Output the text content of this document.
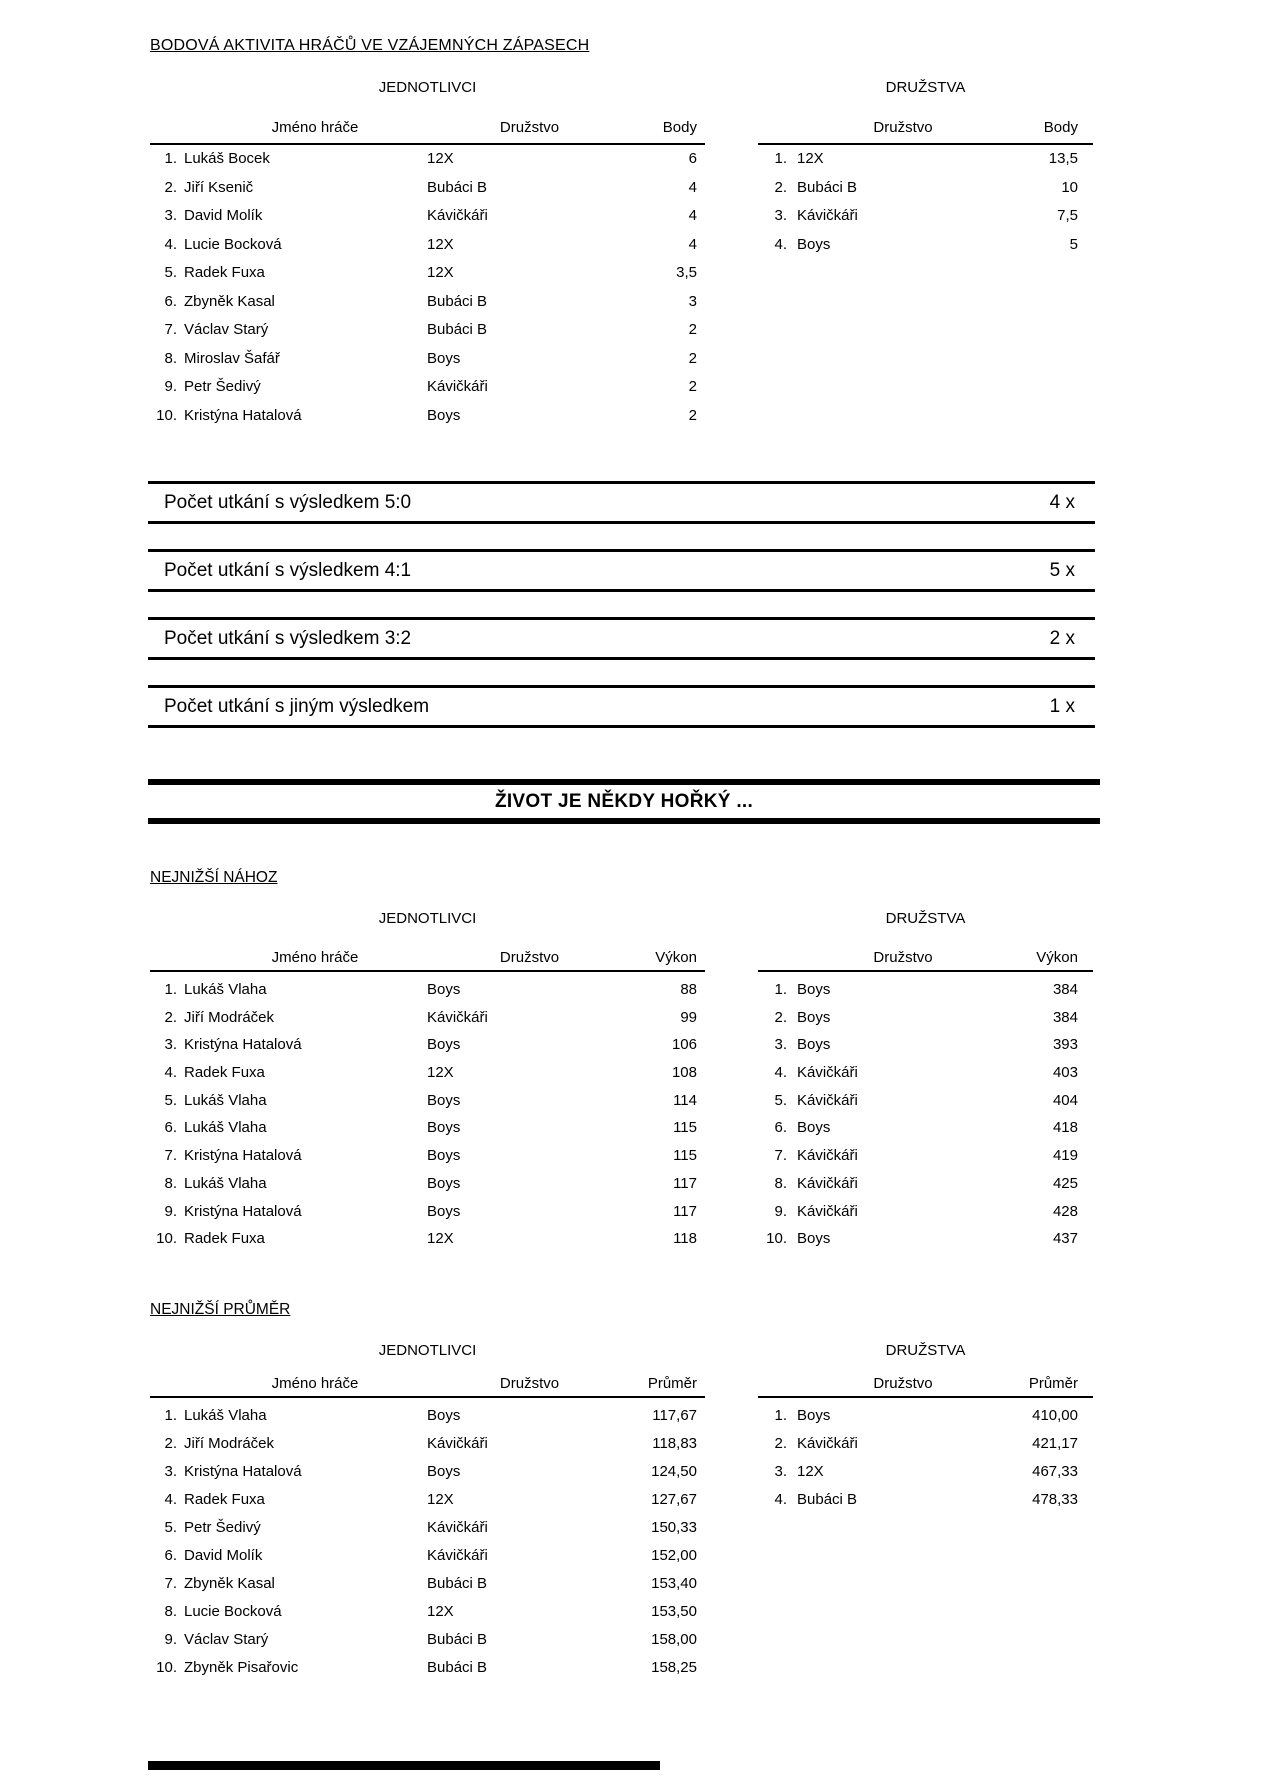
BODOVÁ AKTIVITA HRÁČŮ VE VZÁJEMNÝCH ZÁPASECH
JEDNOTLIVCI	DRUŽSTVA
Jméno hráče	Družstvo	Body
1. Lukáš Bocek	12X	6
2. Jiří Ksenič	Bubáci B	4
3. David Molík	Kávičkáři	4
4. Lucie Bocková	12X	4
5. Radek Fuxa	12X	3,5
6. Zbyněk Kasal	Bubáci B	3
7. Václav Starý	Bubáci B	2
8. Miroslav Šafář	Boys	2
9. Petr Šedivý	Kávičkáři	2
10. Kristýna Hatalová	Boys	2
Družstvo	Body
1. 12X	13,5
2. Bubáci B	10
3. Kávičkáři	7,5
4. Boys	5
Počet utkání s výsledkem 5:0	4 x
Počet utkání s výsledkem 4:1	5 x
Počet utkání s výsledkem 3:2	2 x
Počet utkání s jiným výsledkem	1 x
ŽIVOT JE NĚKDY HOŘKÝ ...
NEJNIŽŠÍ NÁHOZ
JEDNOTLIVCI	DRUŽSTVA
Jméno hráče	Družstvo	Výkon
1. Lukáš Vlaha	Boys	88
2. Jiří Modráček	Kávičkáři	99
3. Kristýna Hatalová	Boys	106
4. Radek Fuxa	12X	108
5. Lukáš Vlaha	Boys	114
6. Lukáš Vlaha	Boys	115
7. Kristýna Hatalová	Boys	115
8. Lukáš Vlaha	Boys	117
9. Kristýna Hatalová	Boys	117
10. Radek Fuxa	12X	118
Družstvo	Výkon
1. Boys	384
2. Boys	384
3. Boys	393
4. Kávičkáři	403
5. Kávičkáři	404
6. Boys	418
7. Kávičkáři	419
8. Kávičkáři	425
9. Kávičkáři	428
10. Boys	437
NEJNIŽŠÍ PRŮMĚR
JEDNOTLIVCI	DRUŽSTVA
Jméno hráče	Družstvo	Průměr
1. Lukáš Vlaha	Boys	117,67
2. Jiří Modráček	Kávičkáři	118,83
3. Kristýna Hatalová	Boys	124,50
4. Radek Fuxa	12X	127,67
5. Petr Šedivý	Kávičkáři	150,33
6. David Molík	Kávičkáři	152,00
7. Zbyněk Kasal	Bubáci B	153,40
8. Lucie Bocková	12X	153,50
9. Václav Starý	Bubáci B	158,00
10. Zbyněk Pisařovic	Bubáci B	158,25
Družstvo	Průměr
1. Boys	410,00
2. Kávičkáři	421,17
3. 12X	467,33
4. Bubáci B	478,33
